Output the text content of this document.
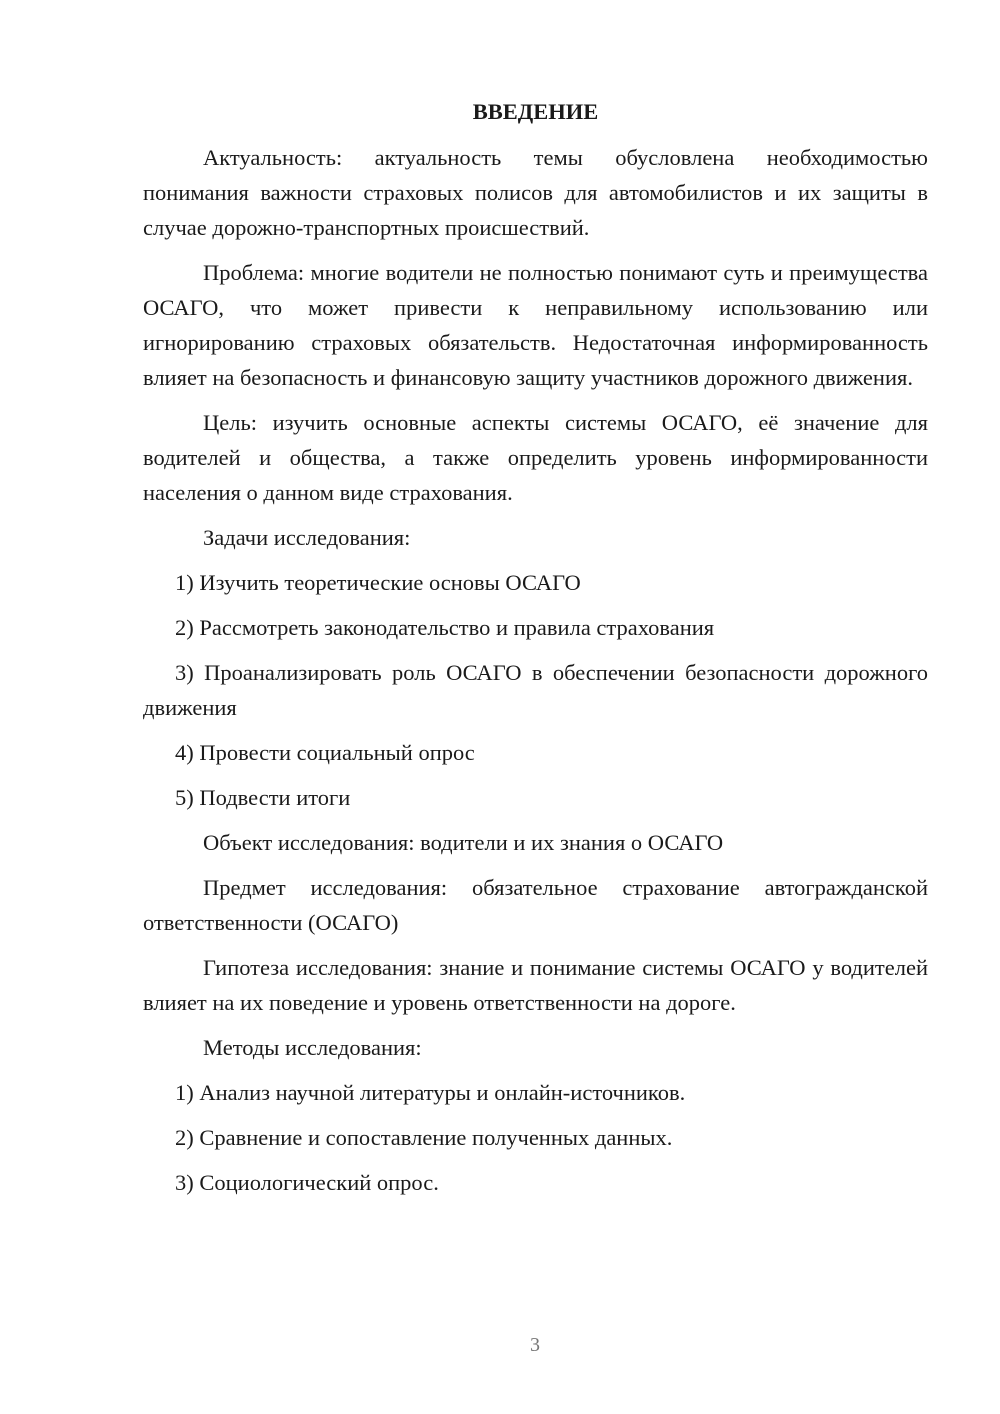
ВВЕДЕНИЕ

Актуальность: актуальность темы обусловлена необходимостью понимания важности страховых полисов для автомобилистов и их защиты в случае дорожно-транспортных происшествий.

Проблема: многие водители не полностью понимают суть и преимущества ОСАГО, что может привести к неправильному использованию или игнорированию страховых обязательств. Недостаточная информированность влияет на безопасность и финансовую защиту участников дорожного движения.

Цель: изучить основные аспекты системы ОСАГО, её значение для водителей и общества, а также определить уровень информированности населения о данном виде страхования.

Задачи исследования:

1) Изучить теоретические основы ОСАГО

2) Рассмотреть законодательство и правила страхования

3) Проанализировать роль ОСАГО в обеспечении безопасности дорожного движения

4) Провести социальный опрос

5) Подвести итоги

Объект исследования: водители и их знания о ОСАГО

Предмет исследования: обязательное страхование автогражданской ответственности (ОСАГО)

Гипотеза исследования: знание и понимание системы ОСАГО у водителей влияет на их поведение и уровень ответственности на дороге.

Методы исследования:

1) Анализ научной литературы и онлайн-источников.

2) Сравнение и сопоставление полученных данных.

3) Социологический опрос.

3
